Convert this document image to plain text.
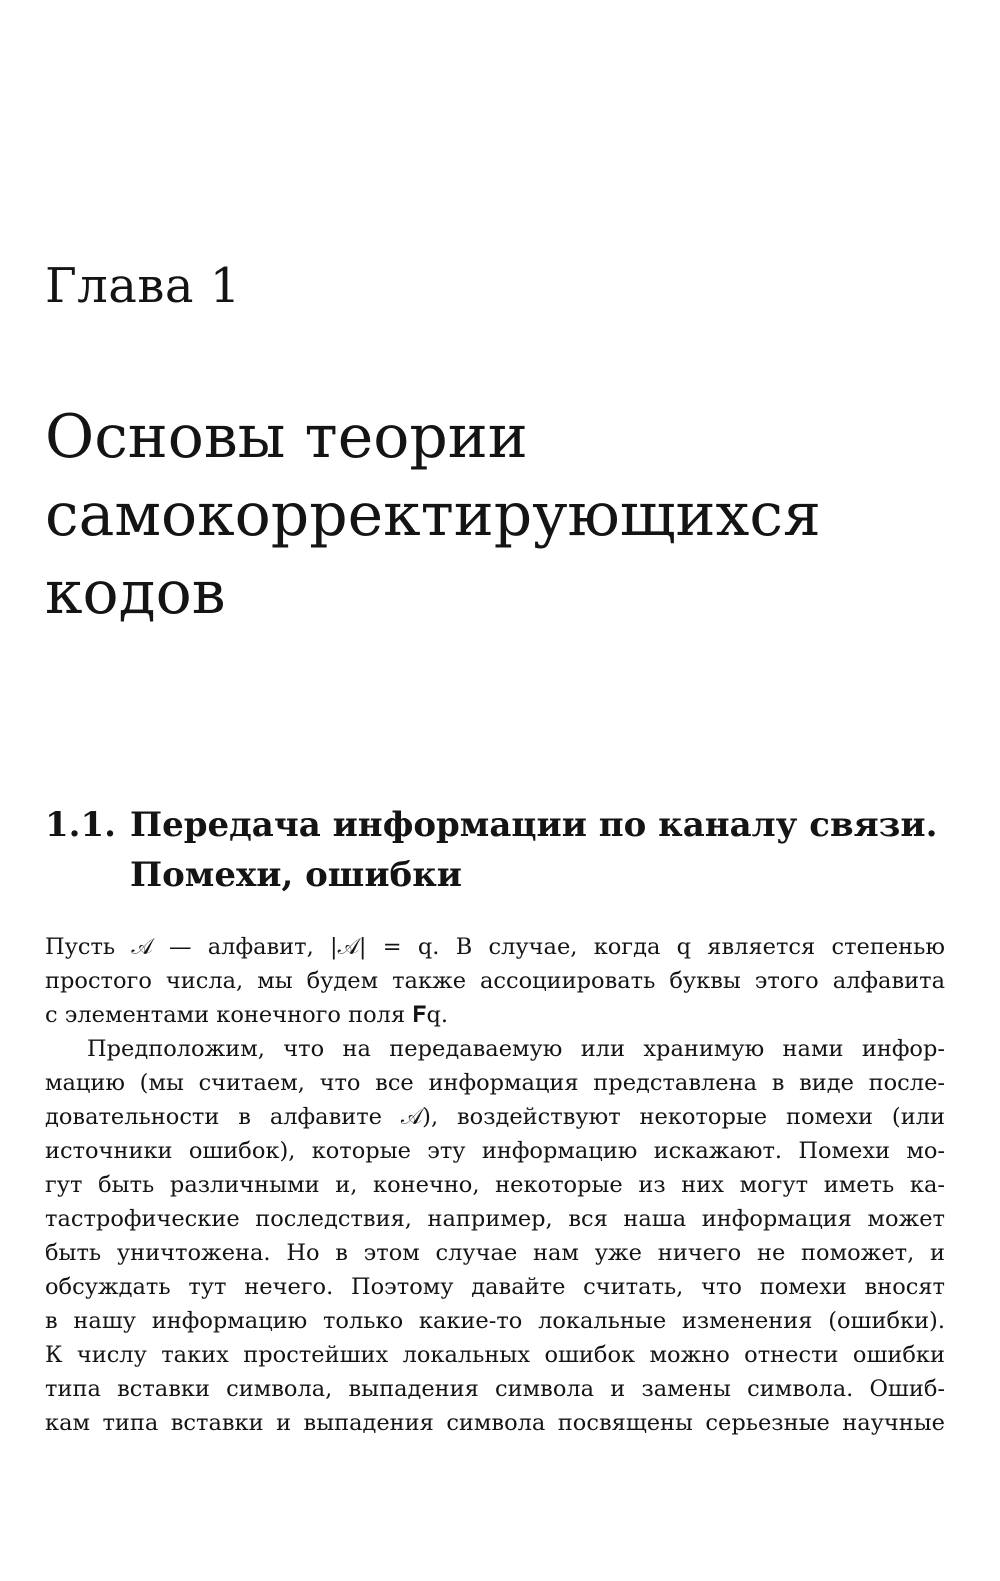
Глава 1
Основы теории
самокорректирующихся
кодов
1.1. Передача информации по каналу связи.
Помехи, ошибки
Пусть 𝒜 — алфавит, |𝒜| = q. В случае, когда q является степенью
простого числа, мы будем также ассоциировать буквы этого алфавита
с элементами конечного поля 𝐅q.
Предположим, что на передаваемую или хранимую нами инфор-
мацию (мы считаем, что все информация представлена в виде после-
довательности в алфавите 𝒜), воздействуют некоторые помехи (или
источники ошибок), которые эту информацию искажают. Помехи мо-
гут быть различными и, конечно, некоторые из них могут иметь ка-
тастрофические последствия, например, вся наша информация может
быть уничтожена. Но в этом случае нам уже ничего не поможет, и
обсуждать тут нечего. Поэтому давайте считать, что помехи вносят
в нашу информацию только какие-то локальные изменения (ошибки).
К числу таких простейших локальных ошибок можно отнести ошибки
типа вставки символа, выпадения символа и замены символа. Ошиб-
кам типа вставки и выпадения символа посвящены серьезные научные
